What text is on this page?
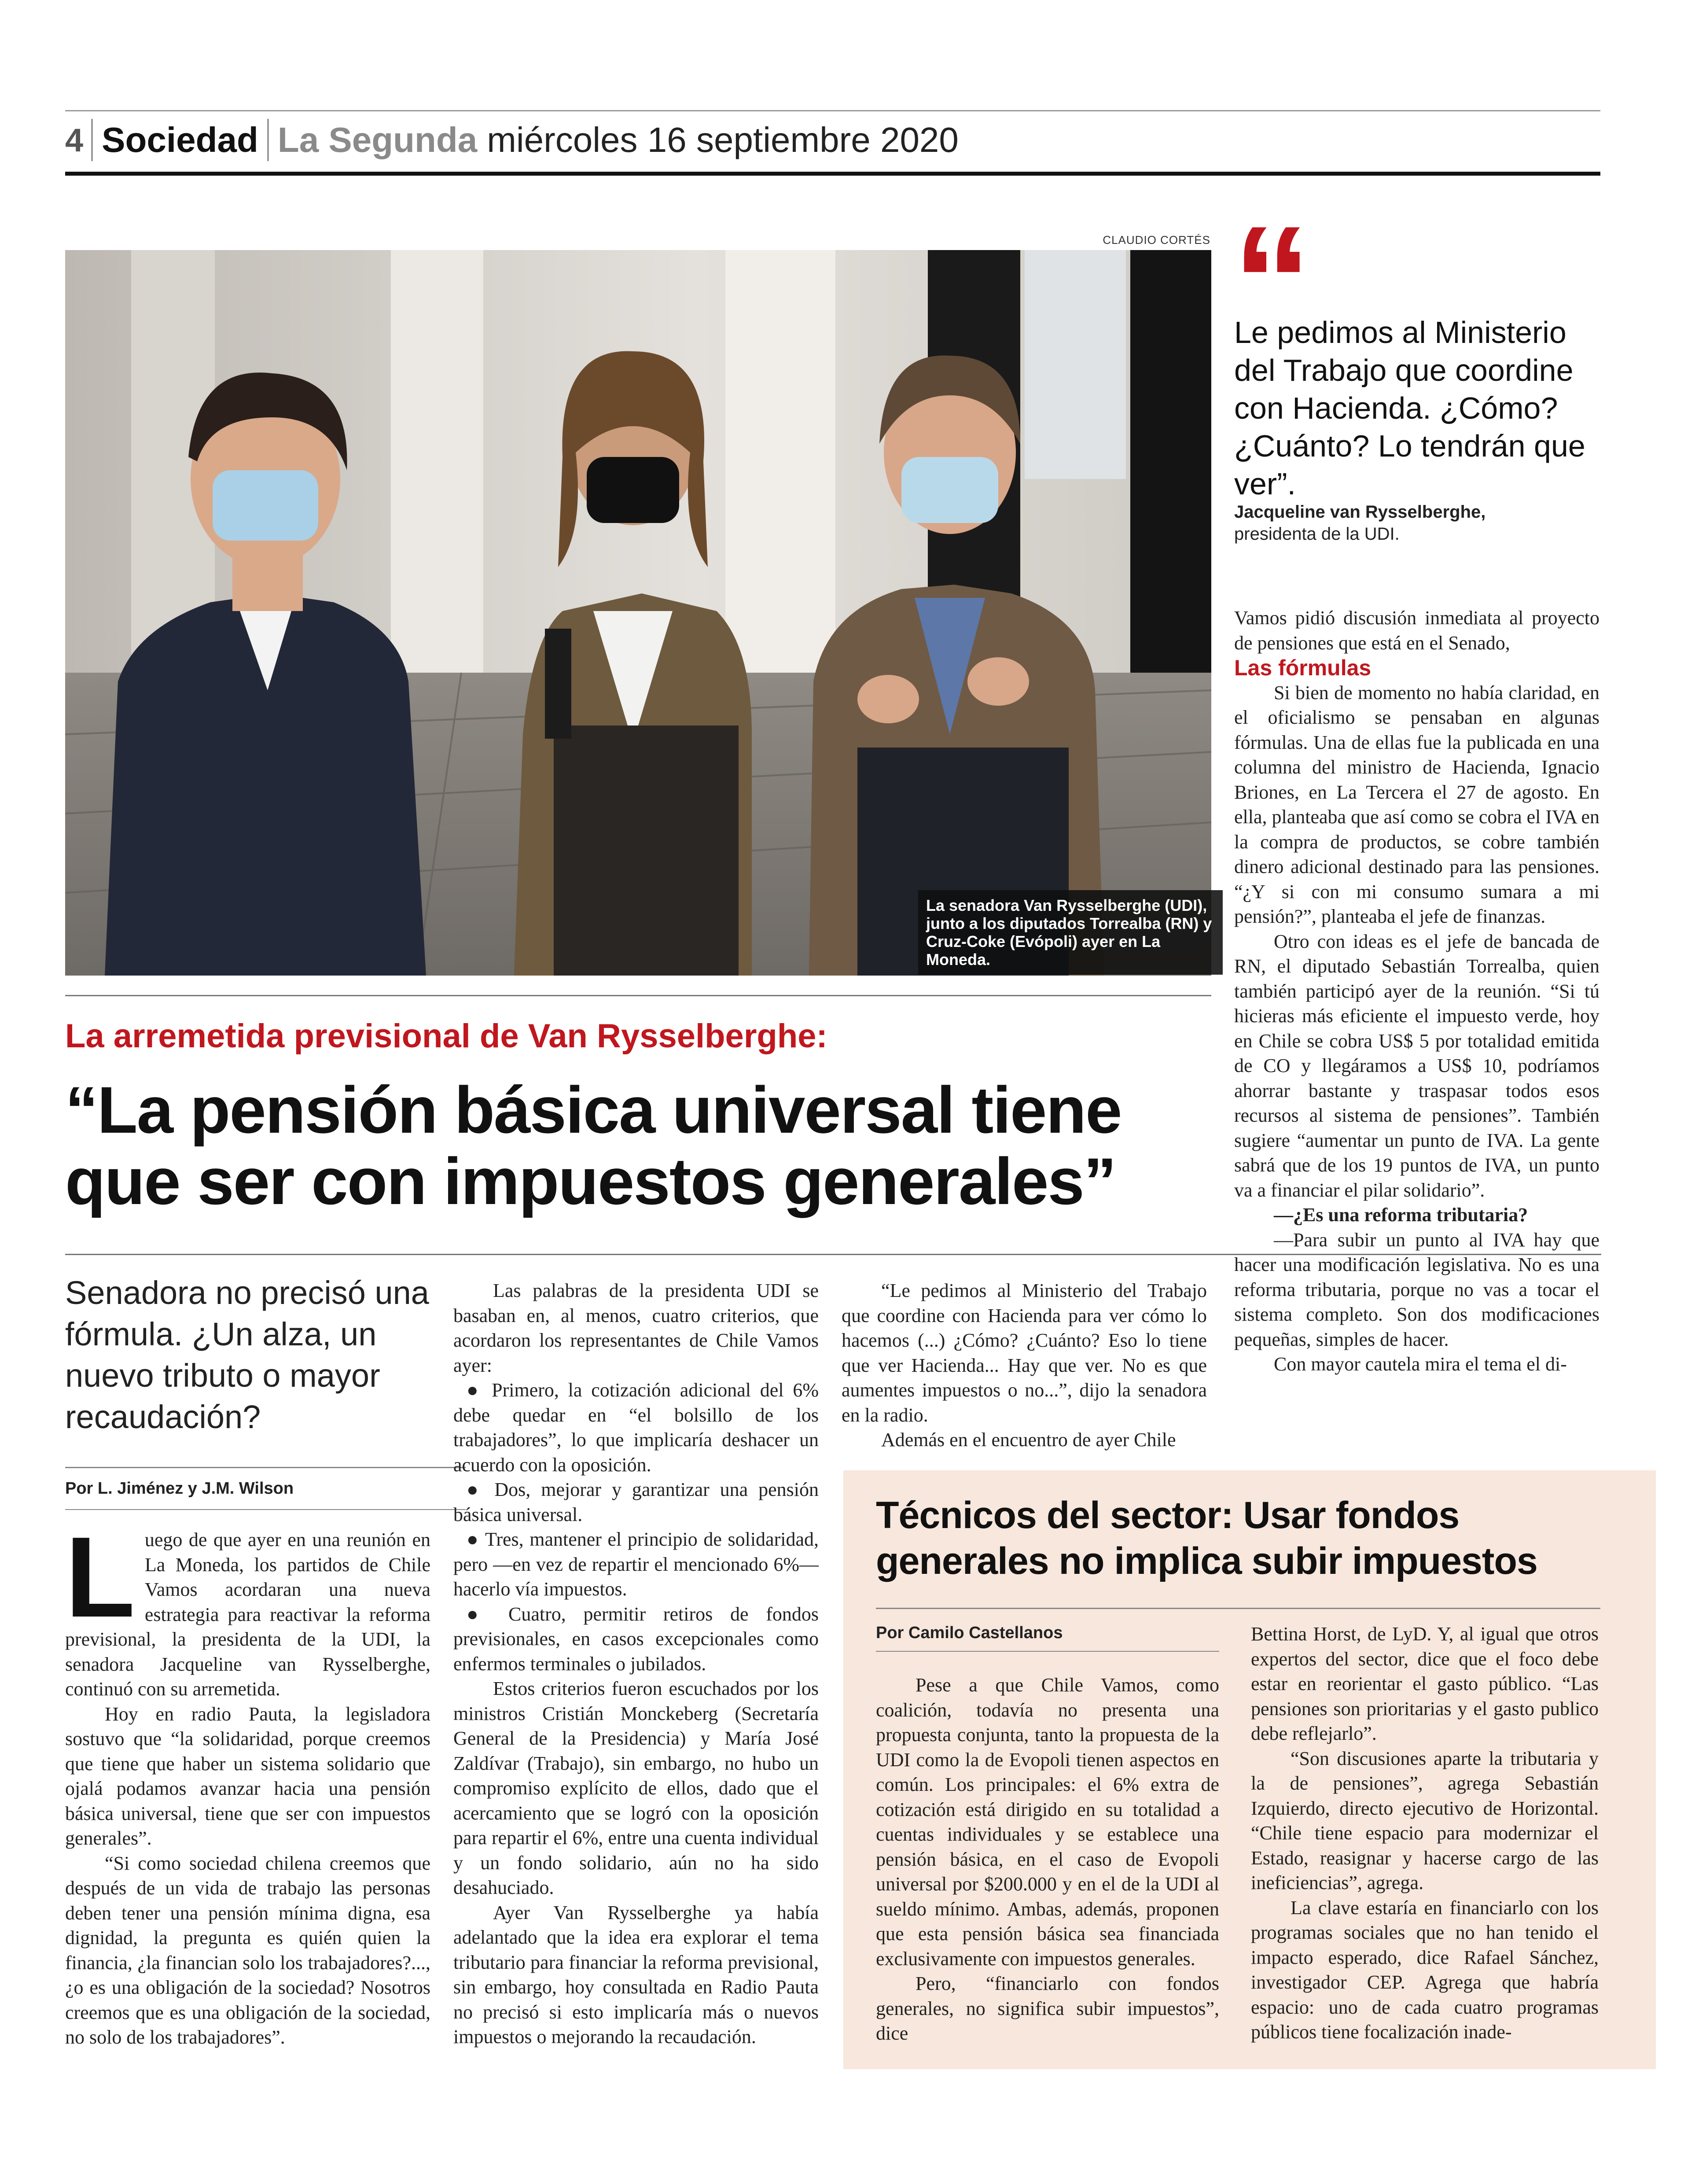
4 Sociedad La Segunda miércoles 16 septiembre 2020
CLAUDIO CORTÉS
La senadora Van Rysselberghe (UDI), junto a los diputados Torrealba (RN) y Cruz-Coke (Evópoli) ayer en La Moneda.
La arremetida previsional de Van Rysselberghe:
“La pensión básica universal tiene que ser con impuestos generales”

Senadora no precisó una fórmula. ¿Un alza, un nuevo tributo o mayor recaudación?

Por L. Jiménez y J.M. Wilson
L uego de que ayer en una reunión en La Moneda, los partidos de Chile Vamos acordaran una nueva estrategia para reactivar la reforma previsional, la presidenta de la UDI, la senadora Jacqueline van Rysselberghe, continuó con su arremetida.

Hoy en radio Pauta, la legisladora sostuvo que “la solidaridad, porque creemos que tiene que haber un sistema solidario que ojalá podamos avanzar hacia una pensión básica universal, tiene que ser con impuestos generales”.

“Si como sociedad chilena creemos que después de un vida de trabajo las personas deben tener una pensión mínima digna, esa dignidad, la pregunta es quién quien la financia, ¿la financian solo los trabajadores?..., ¿o es una obligación de la sociedad? Nosotros creemos que es una obligación de la sociedad, no solo de los trabajadores”.

Las palabras de la presidenta UDI se basaban en, al menos, cuatro criterios, que acordaron los representantes de Chile Vamos ayer:

● Primero, la cotización adicional del 6% debe quedar en “el bolsillo de los trabajadores”, lo que implicaría deshacer un acuerdo con la oposición.

● Dos, mejorar y garantizar una pensión básica universal.

● Tres, mantener el principio de solidaridad, pero —en vez de repartir el mencionado 6%— hacerlo vía impuestos.

● Cuatro, permitir retiros de fondos previsionales, en casos excepcionales como enfermos terminales o jubilados.

Estos criterios fueron escuchados por los ministros Cristián Monckeberg (Secretaría General de la Presidencia) y María José Zaldívar (Trabajo), sin embargo, no hubo un compromiso explícito de ellos, dado que el acercamiento que se logró con la oposición para repartir el 6%, entre una cuenta individual y un fondo solidario, aún no ha sido desahuciado.

Ayer Van Rysselberghe ya había adelantado que la idea era explorar el tema tributario para financiar la reforma previsional, sin embargo, hoy consultada en Radio Pauta no precisó si esto implicaría más o nuevos impuestos o mejorando la recaudación.

“Le pedimos al Ministerio del Trabajo que coordine con Hacienda para ver cómo lo hacemos (...) ¿Cómo? ¿Cuánto? Eso lo tiene que ver Hacienda... Hay que ver. No es que aumentes impuestos o no...”, dijo la senadora en la radio.

Además en el encuentro de ayer Chile

“

Le pedimos al Ministerio del Trabajo que coordine con Hacienda. ¿Cómo? ¿Cuánto? Lo tendrán que ver”.

Jacqueline van Rysselberghe,
presidenta de la UDI.

Vamos pidió discusión inmediata al proyecto de pensiones que está en el Senado,

Las fórmulas

Si bien de momento no había claridad, en el oficialismo se pensaban en algunas fórmulas. Una de ellas fue la publicada en una columna del ministro de Hacienda, Ignacio Briones, en La Tercera el 27 de agosto. En ella, planteaba que así como se cobra el IVA en la compra de productos, se cobre también dinero adicional destinado para las pensiones. “¿Y si con mi consumo sumara a mi pensión?”, planteaba el jefe de finanzas.

Otro con ideas es el jefe de bancada de RN, el diputado Sebastián Torrealba, quien también participó ayer de la reunión. “Si tú hicieras más eficiente el impuesto verde, hoy en Chile se cobra US$ 5 por totalidad emitida de CO y llegáramos a US$ 10, podríamos ahorrar bastante y traspasar todos esos recursos al sistema de pensiones”. También sugiere “aumentar un punto de IVA. La gente sabrá que de los 19 puntos de IVA, un punto va a financiar el pilar solidario”.

—¿Es una reforma tributaria?

—Para subir un punto al IVA hay que hacer una modificación legislativa. No es una reforma tributaria, porque no vas a tocar el sistema completo. Son dos modificaciones pequeñas, simples de hacer.

Con mayor cautela mira el tema el di-

Técnicos del sector: Usar fondos generales no implica subir impuestos
Por Camilo Castellanos

Pese a que Chile Vamos, como coalición, todavía no presenta una propuesta conjunta, tanto la propuesta de la UDI como la de Evopoli tienen aspectos en común. Los principales: el 6% extra de cotización está dirigido en su totalidad a cuentas individuales y se establece una pensión básica, en el caso de Evopoli universal por $200.000 y en el de la UDI al sueldo mínimo. Ambas, además, proponen que esta pensión básica sea financiada exclusivamente con impuestos generales.

Pero, “financiarlo con fondos generales, no significa subir impuestos”, dice

Bettina Horst, de LyD. Y, al igual que otros expertos del sector, dice que el foco debe estar en reorientar el gasto público. “Las pensiones son prioritarias y el gasto publico debe reflejarlo”.

“Son discusiones aparte la tributaria y la de pensiones”, agrega Sebastián Izquierdo, directo ejecutivo de Horizontal. “Chile tiene espacio para modernizar el Estado, reasignar y hacerse cargo de las ineficiencias”, agrega.

La clave estaría en financiarlo con los programas sociales que no han tenido el impacto esperado, dice Rafael Sánchez, investigador CEP. Agrega que habría espacio: uno de cada cuatro programas públicos tiene focalización inade-
